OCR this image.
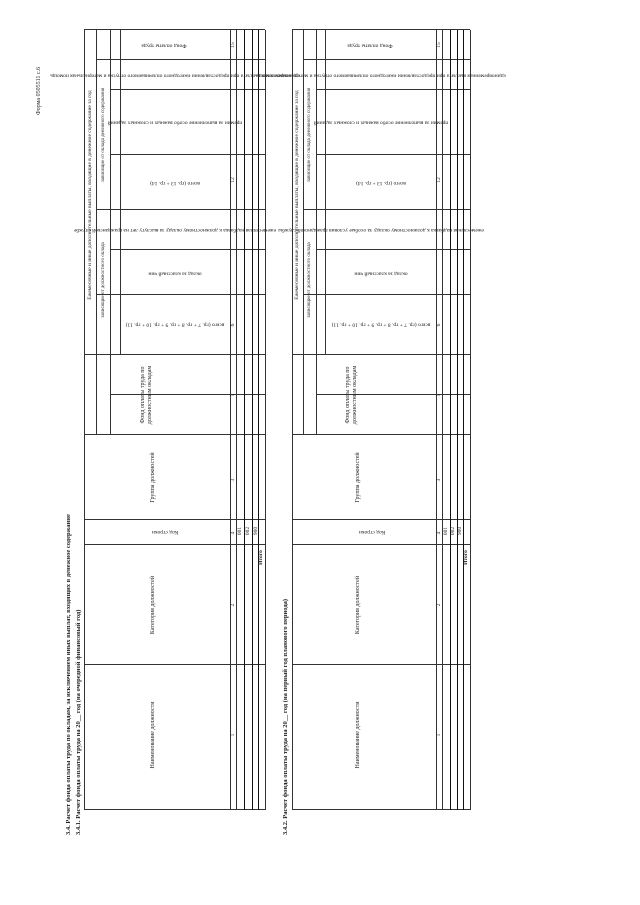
Форма 0505511 с.6
3.4. Расчет фонда оплаты труда по окладам, за исключением иных выплат, входящих в денежное содержание 3.4.1. Расчет фонда оплаты труда на 20__ год (на очередной финансовый год)	Наименование должности
Категория должностей
Код строки
Группа должностей
Фонд оплаты труда по должностным окладам
Ежемесячные и иные дополнительные выплаты, входящие в денежное содержание за год зависящие от должностного оклада
зависящие от оклада денежного содержания
всего (гр. 7 + гр. 8 + гр. 9 + гр. 10 + гр. 11)
оклад за классный чин
ежемесячная надбавка к должностному окладу за выслугу лет на гражданской службе
всего (гр. 13 + гр. 14)
премии за выполнение особо важных и сложных заданий
единовременная выплата при предоставлении ежегодного оплачиваемого отпуска и материальная помощь
Фонд оплаты труда
1
2
4
3
5
6
12
15
001 002 900
Итого
3.4.2. Расчет фонда оплаты труда на 20__ год (на первый год планового периода)	Наименование должности
Категория должностей
Код строки
Группа должностей
Фонд оплаты труда по должностным окладам
Ежемесячные и иные дополнительные выплаты, входящие в денежное содержание за год зависящие от должностного оклада
зависящие от оклада денежного содержания
всего (гр. 7 + гр. 8 + гр. 9 + гр. 10 + гр. 11)
оклад за классный чин
ежемесячная надбавка к должностному окладу за особые условия гражданской службы
всего (гр. 13 + гр. 14)
премии за выполнение особо важных и сложных заданий
единовременная выплата при предоставлении ежегодного оплачиваемого отпуска и материальная помощь
Фонд оплаты труда
1
2
4
3
5
6
12
15
001 002 900
Итого
